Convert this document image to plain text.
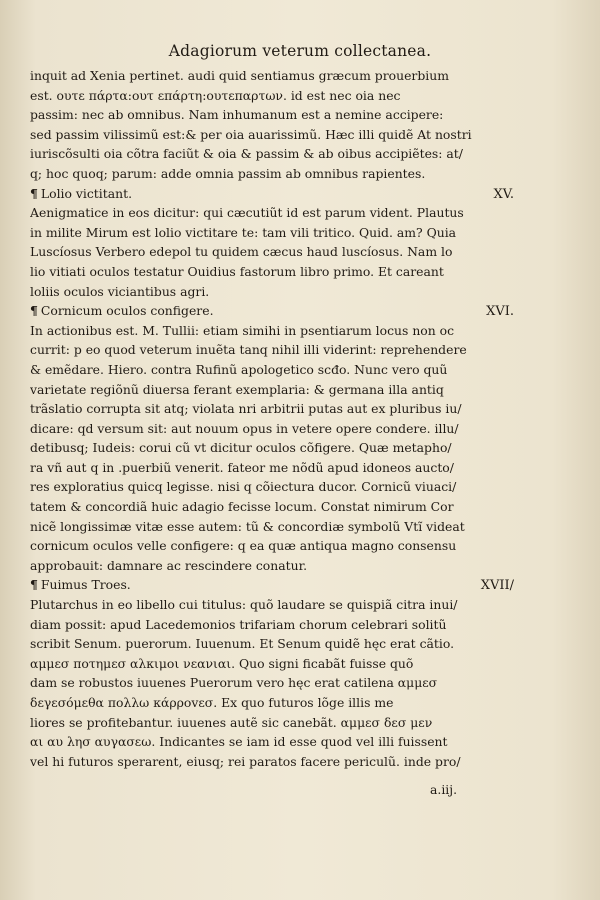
Adagiorum veterum collectanea.
inquit ad Xenia pertinet. audi quid sentiamus græcum prouerbium
est. ουτε πάρτα:ουτ επάρτη:ουτεπαρτων. id est nec oia nec
passim: nec ab omnibus. Nam inhumanum est a nemine accipere:
sed passim vilissimũ est:& per oia auarissimũ. Hæc illi quidẽ At nostri
iuriscõsulti oia cõtra faciũt & oia & passim & ab oibus accipiẽtes: at/
q; hoc quoq; parum: adde omnia passim ab omnibus rapientes.
¶ Lolio victitant.	XV.
Aenigmatice in eos dicitur: qui cæcutiũt id est parum vident. Plautus
in milite Mirum est lolio victitare te: tam vili tritico. Quid. am? Quia
Luscíosus Verbero edepol tu quidem cæcus haud luscíosus. Nam lo
lio vitiati oculos testatur Ouidius fastorum libro primo. Et careant
loliis oculos viciantibus agri.
¶ Cornicum oculos configere.	XVI.
In actionibus est. M. Tullii: etiam simihi in psentiarum locus non oc
currit: p eo quod veterum inuẽta tanq nihil illi viderint: reprehendere
& emẽdare. Hiero. contra Rufinũ apologetico scđo. Nunc vero quũ
varietate regiõnũ diuersa ferant exemplaria: & germana illa antiq
trãslatio corrupta sit atq; violata nri arbitrii putas aut ex pluribus iu/
dicare: qd versum sit: aut nouum opus in vetere opere condere. illu/
detibusq; Iudeis: corui cũ vt dicitur oculos cõfigere. Quæ metapho/
ra vñ aut q in .puerbiũ venerit. fateor me nõdũ apud idoneos aucto/
res exploratius quicq legisse. nisi q cõiectura ducor. Cornicũ viuaci/
tatem & concordiã huic adagio fecisse locum. Constat nimirum Cor
nicẽ longissimæ vitæ esse autem: tũ & concordiæ symbolũ Vtĩ videat
cornicum oculos velle configere: q ea quæ antiqua magno consensu
approbauit: damnare ac rescindere conatur.
¶ Fuimus Troes.	XVII/
Plutarchus in eo libello cui titulus: quõ laudare se quispiã citra inui/
diam possit: apud Lacedemonios trifariam chorum celebrari solitũ
scribit Senum. puerorum. Iuuenum. Et Senum quidẽ hęc erat cãtio.
αμμεσ ποτημεσ αλκιμοι νεανιαι. Quo signi ficabãt fuisse quõ
dam se robustos iuuenes Puerorum vero hęc erat catilena αμμεσ
δεγεσόμεθα πολλω κάρροvεσ. Ex quo futuros lõge illis me
liores se profitebantur. iuuenes autẽ sic canebãt. αμμεσ δεσ μεν
αι αυ λησ αυγασεω. Indicantes se iam id esse quod vel illi fuissent
vel hi futuros sperarent, eiusq; rei paratos facere periculũ. inde pro/
a.iij.
